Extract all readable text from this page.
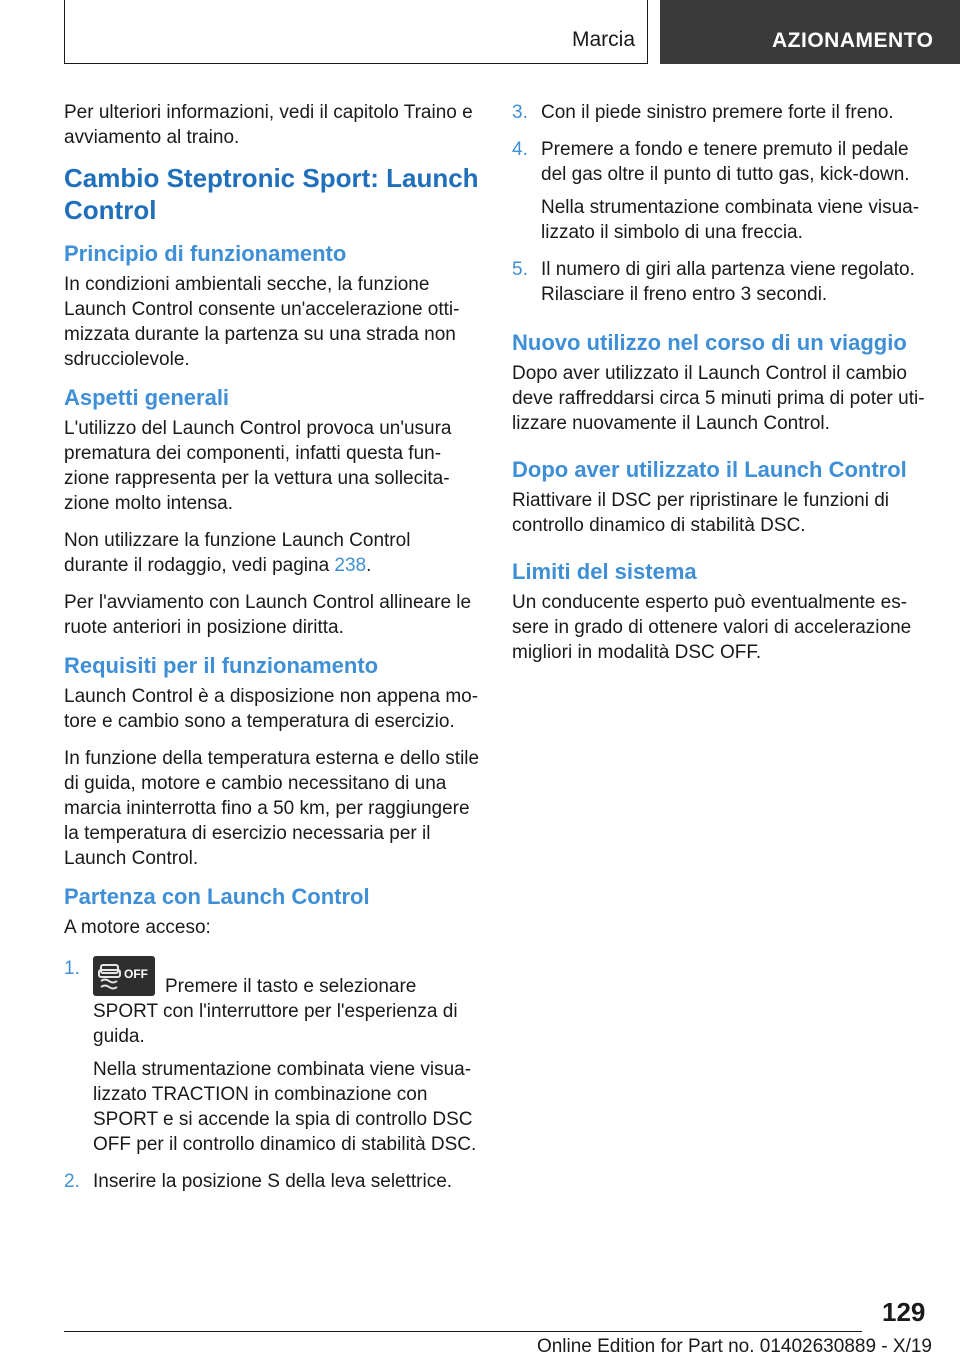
Marcia	AZIONAMENTO

Per ulteriori informazioni, vedi il capitolo Traino e avviamento al traino.

Cambio Steptronic Sport: Launch Control
Principio di funzionamento

In condizioni ambientali secche, la funzione Launch Control consente un'accelerazione ottimizzata durante la partenza su una strada non sdrucciolevole.

Aspetti generali

L'utilizzo del Launch Control provoca un'usura prematura dei componenti, infatti questa funzione rappresenta per la vettura una sollecitazione molto intensa.

Non utilizzare la funzione Launch Control durante il rodaggio, vedi pagina 238.

Per l'avviamento con Launch Control allineare le ruote anteriori in posizione diritta.

Requisiti per il funzionamento

Launch Control è a disposizione non appena motore e cambio sono a temperatura di esercizio.

In funzione della temperatura esterna e dello stile di guida, motore e cambio necessitano di una marcia ininterrotta fino a 50 km, per raggiungere la temperatura di esercizio necessaria per il Launch Control.

Partenza con Launch Control

A motore acceso:

1.	OFF
Premere il tasto e selezionare SPORT con l'interruttore per l'esperienza di guida.

Nella strumentazione combinata viene visualizzato TRACTION in combinazione con SPORT e si accende la spia di controllo DSC OFF per il controllo dinamico di stabilità DSC.

2. Inserire la posizione S della leva selettrice.
3. Con il piede sinistro premere forte il freno.
4. Premere a fondo e tenere premuto il pedale del gas oltre il punto di tutto gas, kick-down.

Nella strumentazione combinata viene visualizzato il simbolo di una freccia.

5. Il numero di giri alla partenza viene regolato. Rilasciare il freno entro 3 secondi.
Nuovo utilizzo nel corso di un viaggio

Dopo aver utilizzato il Launch Control il cambio deve raffreddarsi circa 5 minuti prima di poter utilizzare nuovamente il Launch Control.

Dopo aver utilizzato il Launch Control

Riattivare il DSC per ripristinare le funzioni di controllo dinamico di stabilità DSC.

Limiti del sistema

Un conducente esperto può eventualmente essere in grado di ottenere valori di accelerazione migliori in modalità DSC OFF.

129
Online Edition for Part no. 01402630889 - X/19
